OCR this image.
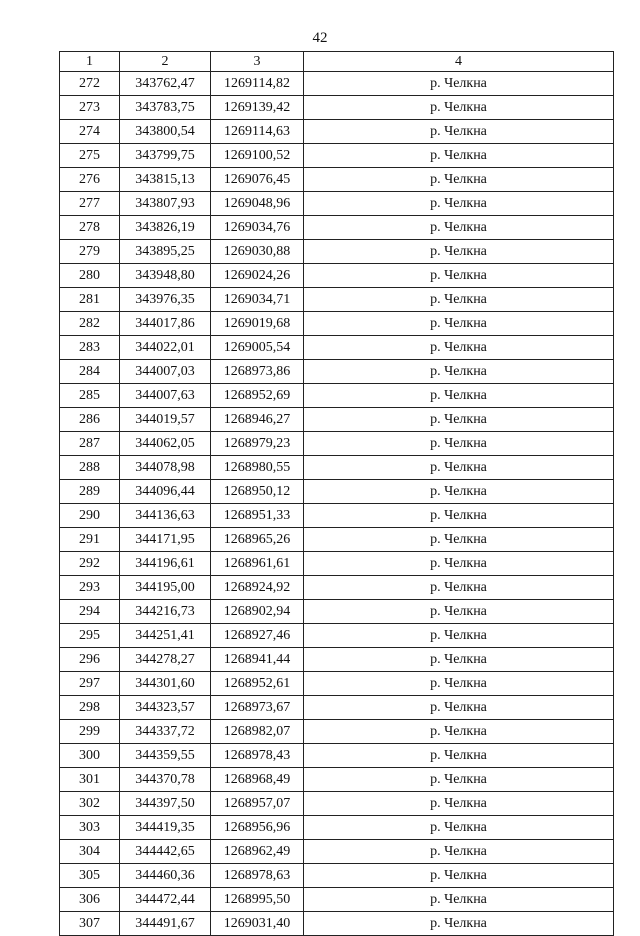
42
1	2	3	4
272	343762,47	1269114,82	р. Челкна
273	343783,75	1269139,42	р. Челкна
274	343800,54	1269114,63	р. Челкна
275	343799,75	1269100,52	р. Челкна
276	343815,13	1269076,45	р. Челкна
277	343807,93	1269048,96	р. Челкна
278	343826,19	1269034,76	р. Челкна
279	343895,25	1269030,88	р. Челкна
280	343948,80	1269024,26	р. Челкна
281	343976,35	1269034,71	р. Челкна
282	344017,86	1269019,68	р. Челкна
283	344022,01	1269005,54	р. Челкна
284	344007,03	1268973,86	р. Челкна
285	344007,63	1268952,69	р. Челкна
286	344019,57	1268946,27	р. Челкна
287	344062,05	1268979,23	р. Челкна
288	344078,98	1268980,55	р. Челкна
289	344096,44	1268950,12	р. Челкна
290	344136,63	1268951,33	р. Челкна
291	344171,95	1268965,26	р. Челкна
292	344196,61	1268961,61	р. Челкна
293	344195,00	1268924,92	р. Челкна
294	344216,73	1268902,94	р. Челкна
295	344251,41	1268927,46	р. Челкна
296	344278,27	1268941,44	р. Челкна
297	344301,60	1268952,61	р. Челкна
298	344323,57	1268973,67	р. Челкна
299	344337,72	1268982,07	р. Челкна
300	344359,55	1268978,43	р. Челкна
301	344370,78	1268968,49	р. Челкна
302	344397,50	1268957,07	р. Челкна
303	344419,35	1268956,96	р. Челкна
304	344442,65	1268962,49	р. Челкна
305	344460,36	1268978,63	р. Челкна
306	344472,44	1268995,50	р. Челкна
307	344491,67	1269031,40	р. Челкна
